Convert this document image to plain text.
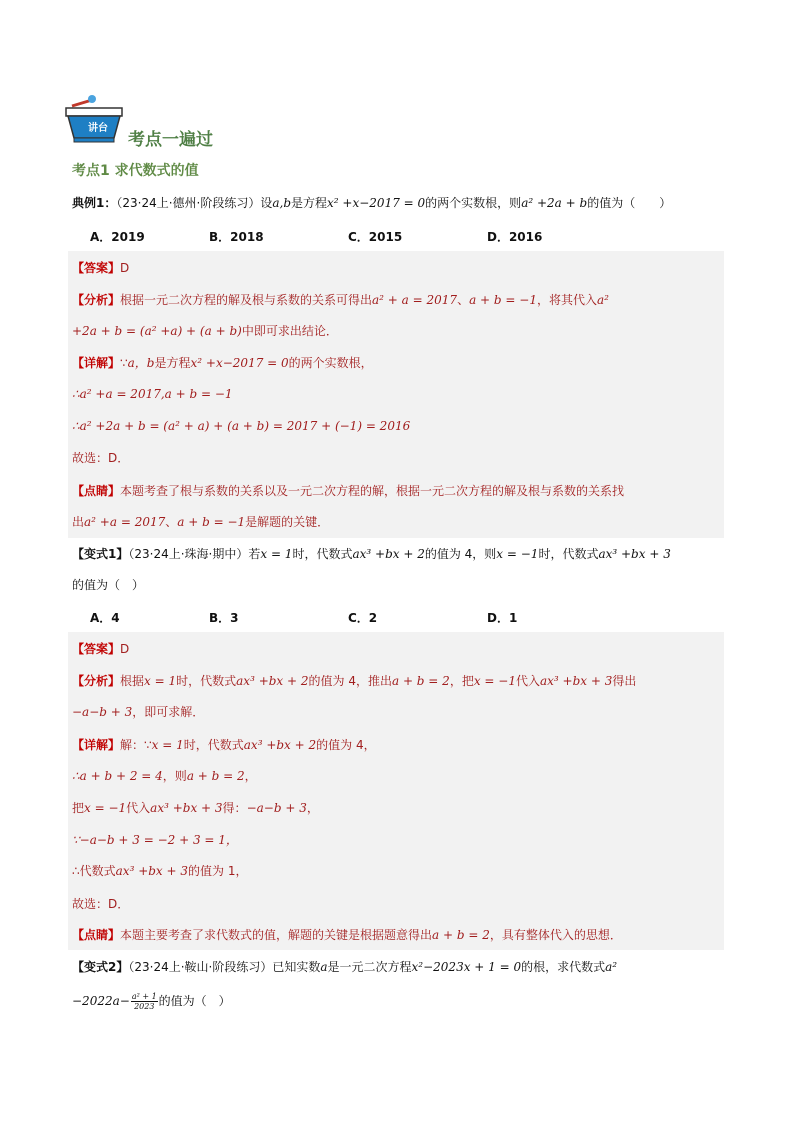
讲台
考点一遍过
考点1 求代数式的值
典例1：（23·24上·德州·阶段练习）设a,b是方程x² +x−2017 = 0的两个实数根，则a² +2a + b的值为（　　）
A．2019	B．2018	C．2015	D．2016
【答案】D
【分析】根据一元二次方程的解及根与系数的关系可得出a² + a = 2017、a + b = −1，将其代入a²
+2a + b = (a² +a) + (a + b)中即可求出结论．
【详解】∵a，b是方程x² +x−2017 = 0的两个实数根，
∴a² +a = 2017,a + b = −1
∴a² +2a + b = (a² + a) + (a + b) = 2017 + (−1) = 2016
故选：D．
【点睛】本题考查了根与系数的关系以及一元二次方程的解，根据一元二次方程的解及根与系数的关系找
出a² +a = 2017、a + b = −1是解题的关键．
【变式1】（23·24上·珠海·期中）若x = 1时，代数式ax³ +bx + 2的值为 4，则x = −1时，代数式ax³ +bx + 3
的值为（　）
A．4	B．3	C．2	D．1
【答案】D
【分析】根据x = 1时，代数式ax³ +bx + 2的值为 4，推出a + b = 2，把x = −1代入ax³ +bx + 3得出
−a−b + 3，即可求解．
【详解】解：∵x = 1时，代数式ax³ +bx + 2的值为 4，
∴a + b + 2 = 4，则a + b = 2，
把x = −1代入ax³ +bx + 3得：−a−b + 3，
∵−a−b + 3 = −2 + 3 = 1，
∴代数式ax³ +bx + 3的值为 1，
故选：D．
【点睛】本题主要考查了求代数式的值，解题的关键是根据题意得出a + b = 2，具有整体代入的思想．
【变式2】（23·24上·鞍山·阶段练习）已知实数a是一元二次方程x²−2023x + 1 = 0的根，求代数式a²
$-2022a- \frac{\text{a² + 1}}{2023}$ 的值为（　）
